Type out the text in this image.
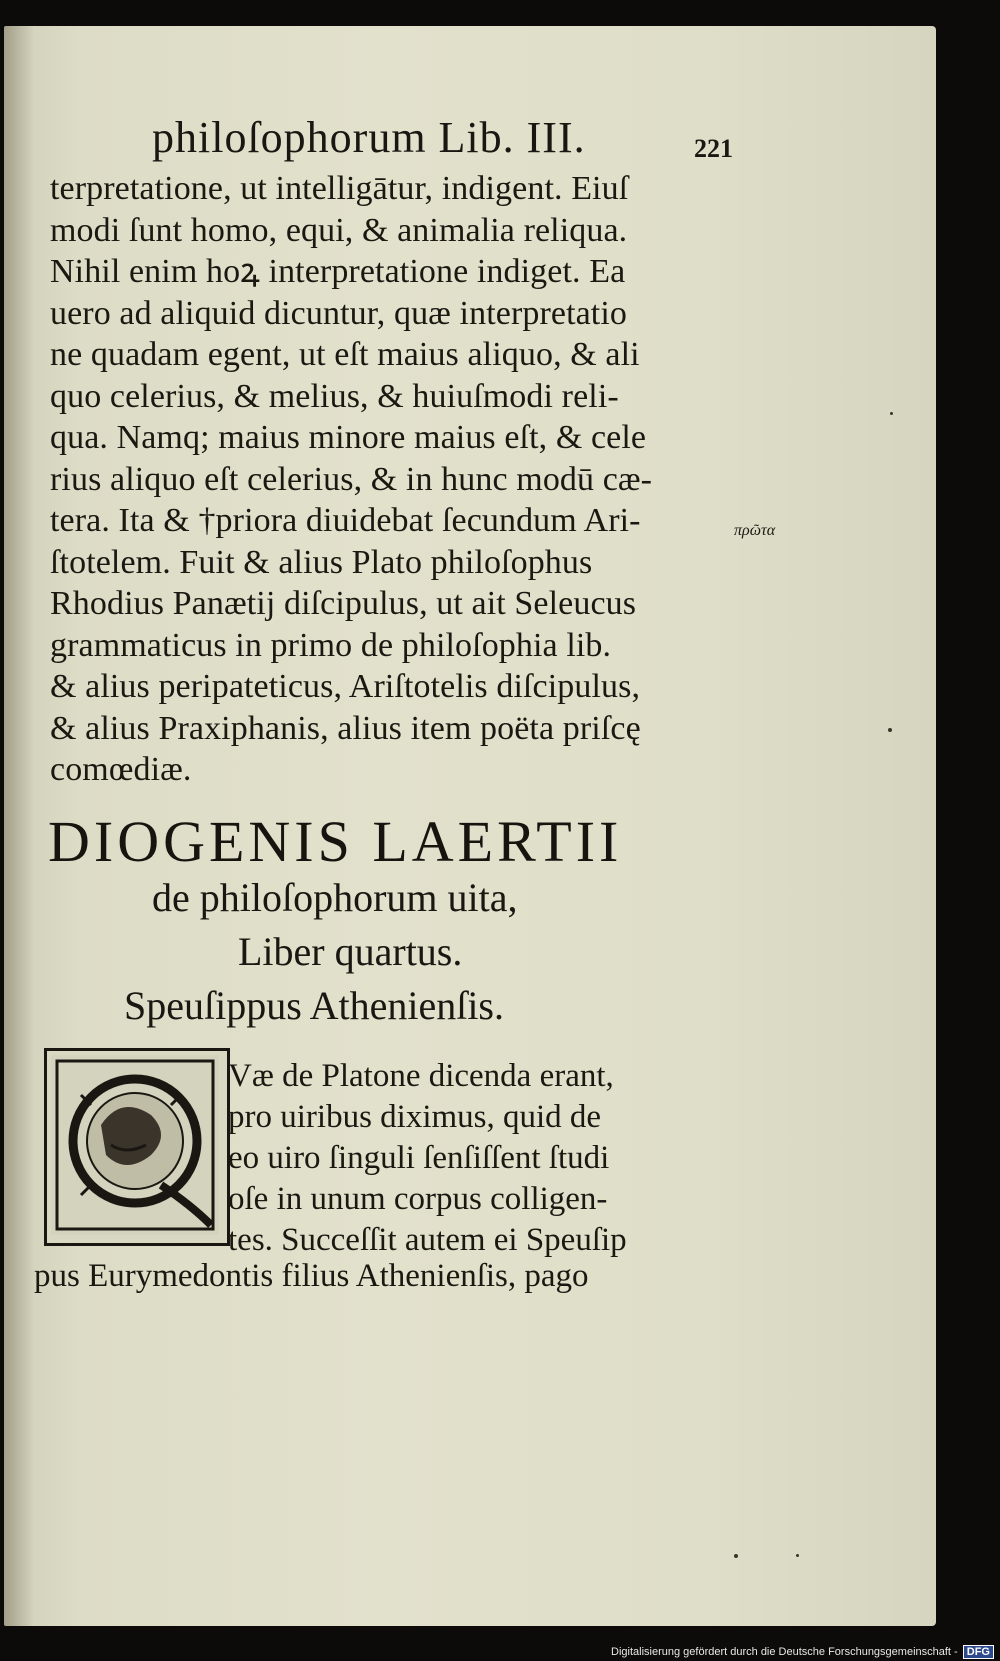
philoſophorum Lib. III.	221
terpretatione, ut intelligātur, indigent. Eiuſ
modi ſunt homo, equi, & animalia reliqua.
Nihil enim hoꝝ interpretatione indiget. Ea
uero ad aliquid dicuntur, quæ interpretatio
ne quadam egent, ut eſt maius aliquo, & ali
quo celerius, & melius, & huiuſmodi reli-
qua. Namq; maius minore maius eſt, & cele
rius aliquo eſt celerius, & in hunc modū cæ-
tera. Ita & †priora diuidebat ſecundum Ari-
ſtotelem. Fuit & alius Plato philoſophus
Rhodius Panætij diſcipulus, ut ait Seleucus
grammaticus in primo de philoſophia lib.
& alius peripateticus, Ariſtotelis diſcipulus,
& alius Praxiphanis, alius item poëta priſcę
comœdiæ.
πρῶτα
DIOGENIS LAERTII
de philoſophorum uita,
Liber quartus.
Speuſippus Athenienſis.
Væ de Platone dicenda erant,
pro uiribus diximus, quid de
eo uiro ſinguli ſenſiſſent ſtudi
oſe in unum corpus colligen-
tes. Succeſſit autem ei Speuſip
pus Eurymedontis filius Athenienſis, pago
Digitalisierung gefördert durch die Deutsche Forschungsgemeinschaft - DFG
